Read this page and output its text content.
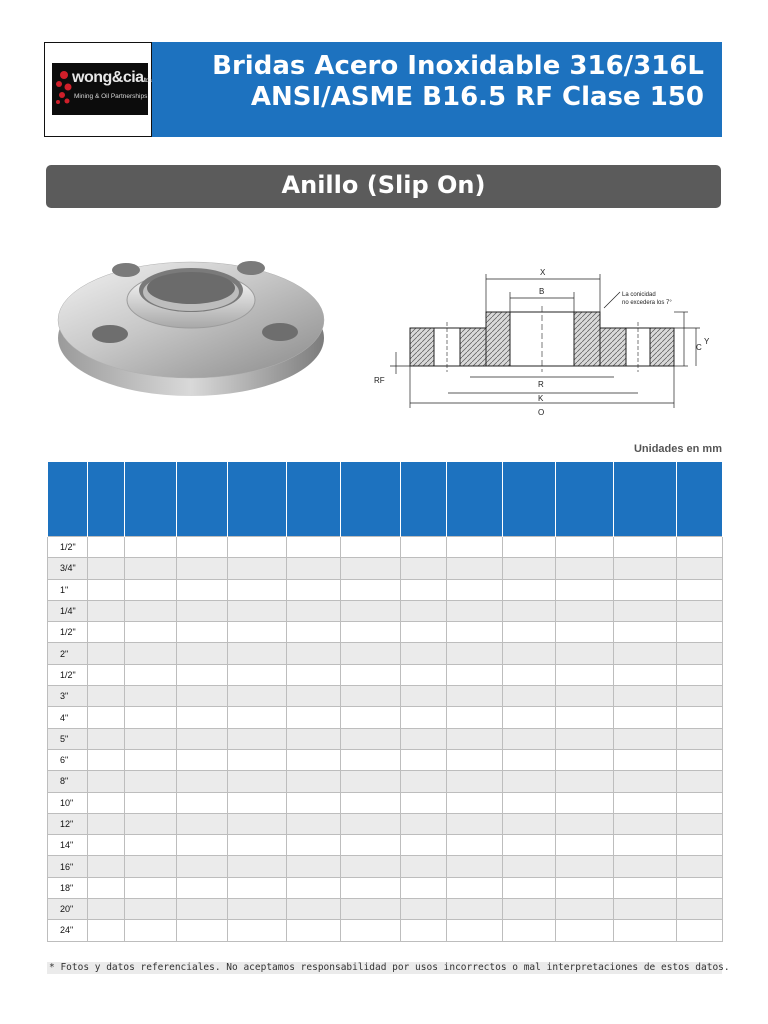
wong&cialtda
Mining & Oil Partnerships
Bridas Acero Inoxidable 316/316L
ANSI/ASME B16.5 RF Clase 150
Anillo (Slip On)
X
B
Y
C
RF	R
K
O
La conicidad
no excedera los 7°
Unidades en mm

1/2"												
3/4"												
1"												
1/4"												
1/2"												
2"												
1/2"												
3"												
4"												
5"												
6"												
8"												
10"												
12"												
14"												
16"												
18"												
20"												
24"												
* Fotos y datos referenciales. No aceptamos responsabilidad por usos incorrectos o mal interpretaciones de estos datos.
